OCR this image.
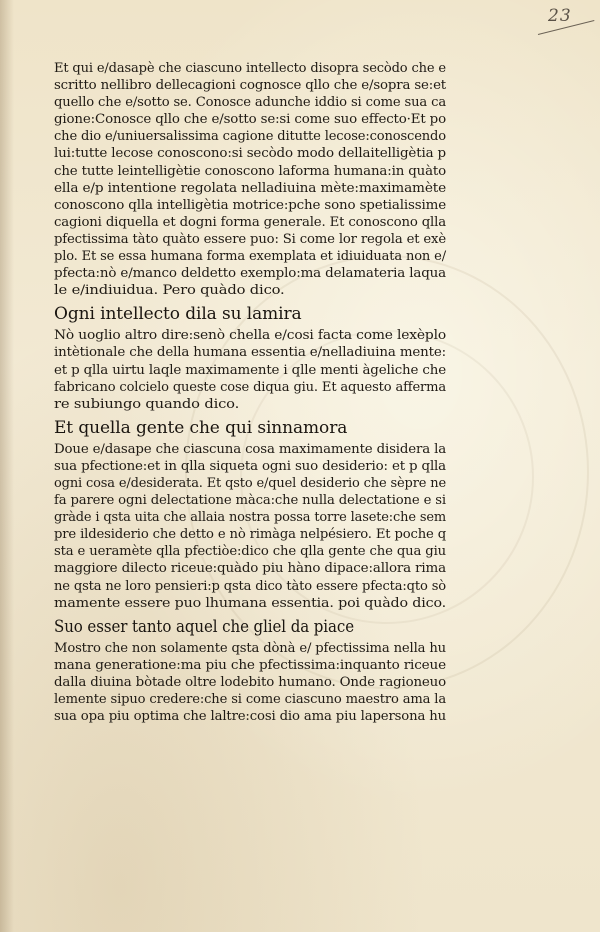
23
Et qui e/dasapè che ciascuno intellecto disopra secòdo che e
scritto nellibro dellecagioni cognosce qllo che e/sopra se:et
quello che e/sotto se. Conosce adunche iddio si come sua ca
gione:Conosce qllo che e/sotto se:si come suo effecto·Et po
che dio e/uniuersalissima cagione ditutte lecose:conoscendo
lui:tutte lecose conoscono:si secòdo modo dellaitelligètia p
che tutte leintelligètie conoscono laforma humana:in quàto
ella e/p intentione regolata nelladiuina mète:maximamète
conoscono qlla intelligètia motrice:pche sono spetialissime
cagioni diquella et dogni forma generale. Et conoscono qlla
pfectissima tàto quàto essere puo: Si come lor regola et exè
plo. Et se essa humana forma exemplata et idiuiduata non e/
pfecta:nò e/manco deldetto exemplo:ma delamateria laqua
le e/indiuidua. Pero quàdo dico.
Ogni intellecto dila su lamira
Nò uoglio altro dire:senò chella e/cosi facta come lexèplo
intètionale che della humana essentia e/nelladiuina mente:
et p qlla uirtu laqle maximamente i qlle menti àgeliche che
fabricano colcielo queste cose diqua giu. Et aquesto afferma
re subiungo quando dico.
Et quella gente che qui sinnamora
Doue e/dasape che ciascuna cosa maximamente disidera la
sua pfectione:et in qlla siqueta ogni suo desiderio: et p qlla
ogni cosa e/desiderata. Et qsto e/quel desiderio che sèpre ne
fa parere ogni delectatione màca:che nulla delectatione e si
gràde i qsta uita che allaia nostra possa torre lasete:che sem
pre ildesiderio che detto e nò rimàga nelpésiero. Et poche q
sta e ueramète qlla pfectiòe:dico che qlla gente che qua giu
maggiore dilecto riceue:quàdo piu hàno dipace:allora rima
ne qsta ne loro pensieri:p qsta dico tàto essere pfecta:qto sò
mamente essere puo lhumana essentia. poi quàdo dico.
Suo esser tanto aquel che gliel da piace
Mostro che non solamente qsta dònà e/ pfectissima nella hu
mana generatione:ma piu che pfectissima:inquanto riceue
dalla diuina bòtade oltre lodebito humano. Onde ragioneuo
lemente sipuo credere:che si come ciascuno maestro ama la
sua opa piu optima che laltre:cosi dio ama piu lapersona hu
